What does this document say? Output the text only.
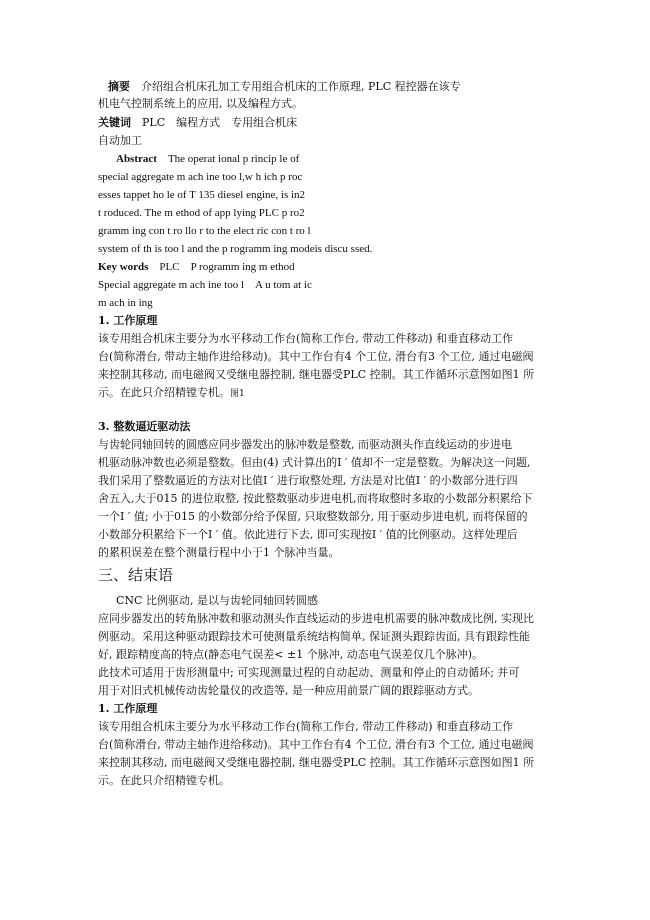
摘要　 介绍组合机床孔加工专用组合机床的工作原理, PLC 程控器在该专
机电气控制系统上的应用, 以及编程方式。
关键词　 PLC　编程方式　专用组合机床
自动加工
Abstract　 The operat ional p rincip le of
special aggregate m ach ine too l,w h ich p roc
esses tappet ho le of T 135 diesel engine, is in2
t roduced. The m ethod of app lying PLC p ro2
gramm ing con t ro llo r to the elect ric con t ro l
system of th is too l and the p rogramm ing modeis discu ssed.
Key words　 PLC　P rogramm ing m ethod
Special aggregate m ach ine too l　A u tom at ic
m ach in ing
1. 工作原理
该专用组合机床主要分为水平移动工作台(简称工作台, 带动工件移动) 和垂直移动工作
台(简称滑台, 带动主轴作进给移动)。其中工作台有4 个工位, 滑台有3 个工位, 通过电磁阀
来控制其移动, 而电磁阀又受继电器控制, 继电器受PLC 控制。其工作循环示意图如图1 所
示。在此只介绍精镗专机。图1
3. 整数逼近驱动法
与齿轮同轴回转的圆感应同步器发出的脉冲数是整数, 而驱动测头作直线运动的步进电
机驱动脉冲数也必须是整数。但由(4) 式计算出的I ′ 值却不一定是整数。为解决这一问题,
我们采用了整数逼近的方法对比值I ′ 进行取整处理, 方法是对比值I ′ 的小数部分进行四
舍五入,大于015 的进位取整, 按此整数驱动步进电机,而将取整时多取的小数部分积累给下
一个I ′ 值; 小于015 的小数部分给予保留, 只取整数部分, 用于驱动步进电机, 而将保留的
小数部分积累给下一个I ′ 值。依此进行下去, 即可实现按I ′ 值的比例驱动。这样处理后
的累积误差在整个测量行程中小于1 个脉冲当量。
三、结束语
CNC 比例驱动, 是以与齿轮同轴回转圆感
应同步器发出的转角脉冲数和驱动测头作直线运动的步进电机需要的脉冲数成比例, 实现比
例驱动。采用这种驱动跟踪技术可使测量系统结构简单, 保证测头跟踪齿面, 具有跟踪性能
好, 跟踪精度高的特点(静态电气误差< ±1 个脉冲, 动态电气误差仅几个脉冲)。
此技术可适用于齿形测量中; 可实现测量过程的自动起动、测量和停止的自动循环; 并可
用于对旧式机械传动齿轮量仪的改造等, 是一种应用前景广阔的跟踪驱动方式。
1. 工作原理
该专用组合机床主要分为水平移动工作台(简称工作台, 带动工件移动) 和垂直移动工作
台(简称滑台, 带动主轴作进给移动)。其中工作台有4 个工位, 滑台有3 个工位, 通过电磁阀
来控制其移动, 而电磁阀又受继电器控制, 继电器受PLC 控制。其工作循环示意图如图1 所
示。在此只介绍精镗专机。
